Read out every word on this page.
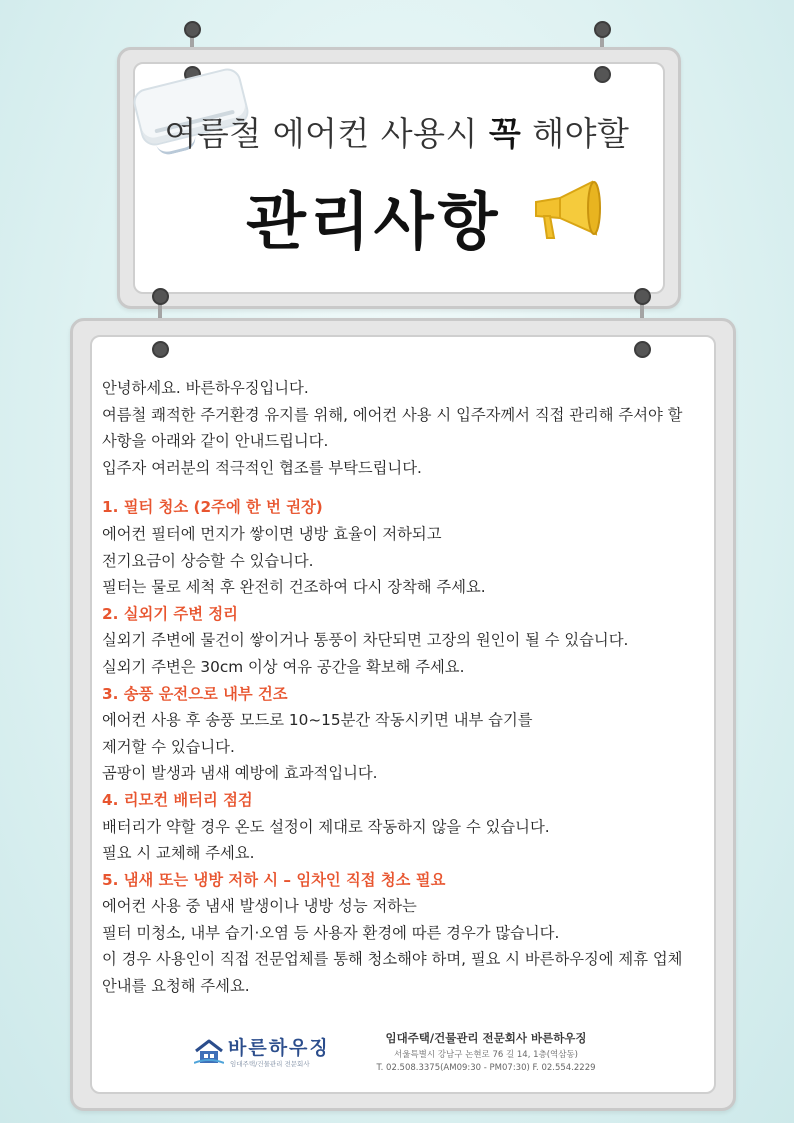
여름철 에어컨 사용시 꼭 해야할
관리사항

안녕하세요. 바른하우징입니다.

여름철 쾌적한 주거환경 유지를 위해, 에어컨 사용 시 입주자께서 직접 관리해 주셔야 할 사항을 아래와 같이 안내드립니다.

입주자 여러분의 적극적인 협조를 부탁드립니다.

1. 필터 청소 (2주에 한 번 권장)

에어컨 필터에 먼지가 쌓이면 냉방 효율이 저하되고

전기요금이 상승할 수 있습니다.

필터는 물로 세척 후 완전히 건조하여 다시 장착해 주세요.

2. 실외기 주변 정리

실외기 주변에 물건이 쌓이거나 통풍이 차단되면 고장의 원인이 될 수 있습니다.

실외기 주변은 30cm 이상 여유 공간을 확보해 주세요.

3. 송풍 운전으로 내부 건조

에어컨 사용 후 송풍 모드로 10~15분간 작동시키면 내부 습기를

제거할 수 있습니다.

곰팡이 발생과 냄새 예방에 효과적입니다.

4. 리모컨 배터리 점검

배터리가 약할 경우 온도 설정이 제대로 작동하지 않을 수 있습니다.

필요 시 교체해 주세요.

5. 냄새 또는 냉방 저하 시 – 임차인 직접 청소 필요

에어컨 사용 중 냄새 발생이나 냉방 성능 저하는

필터 미청소, 내부 습기·오염 등 사용자 환경에 따른 경우가 많습니다.

이 경우 사용인이 직접 전문업체를 통해 청소해야 하며, 필요 시 바른하우징에 제휴 업체 안내를 요청해 주세요.

바른하우징
임대주택/건물관리 전문회사
임대주택/건물관리 전문회사 바른하우징
서울특별시 강남구 논현로 76 길 14, 1층(역삼동)
T. 02.508.3375(AM09:30 - PM07:30) F. 02.554.2229
